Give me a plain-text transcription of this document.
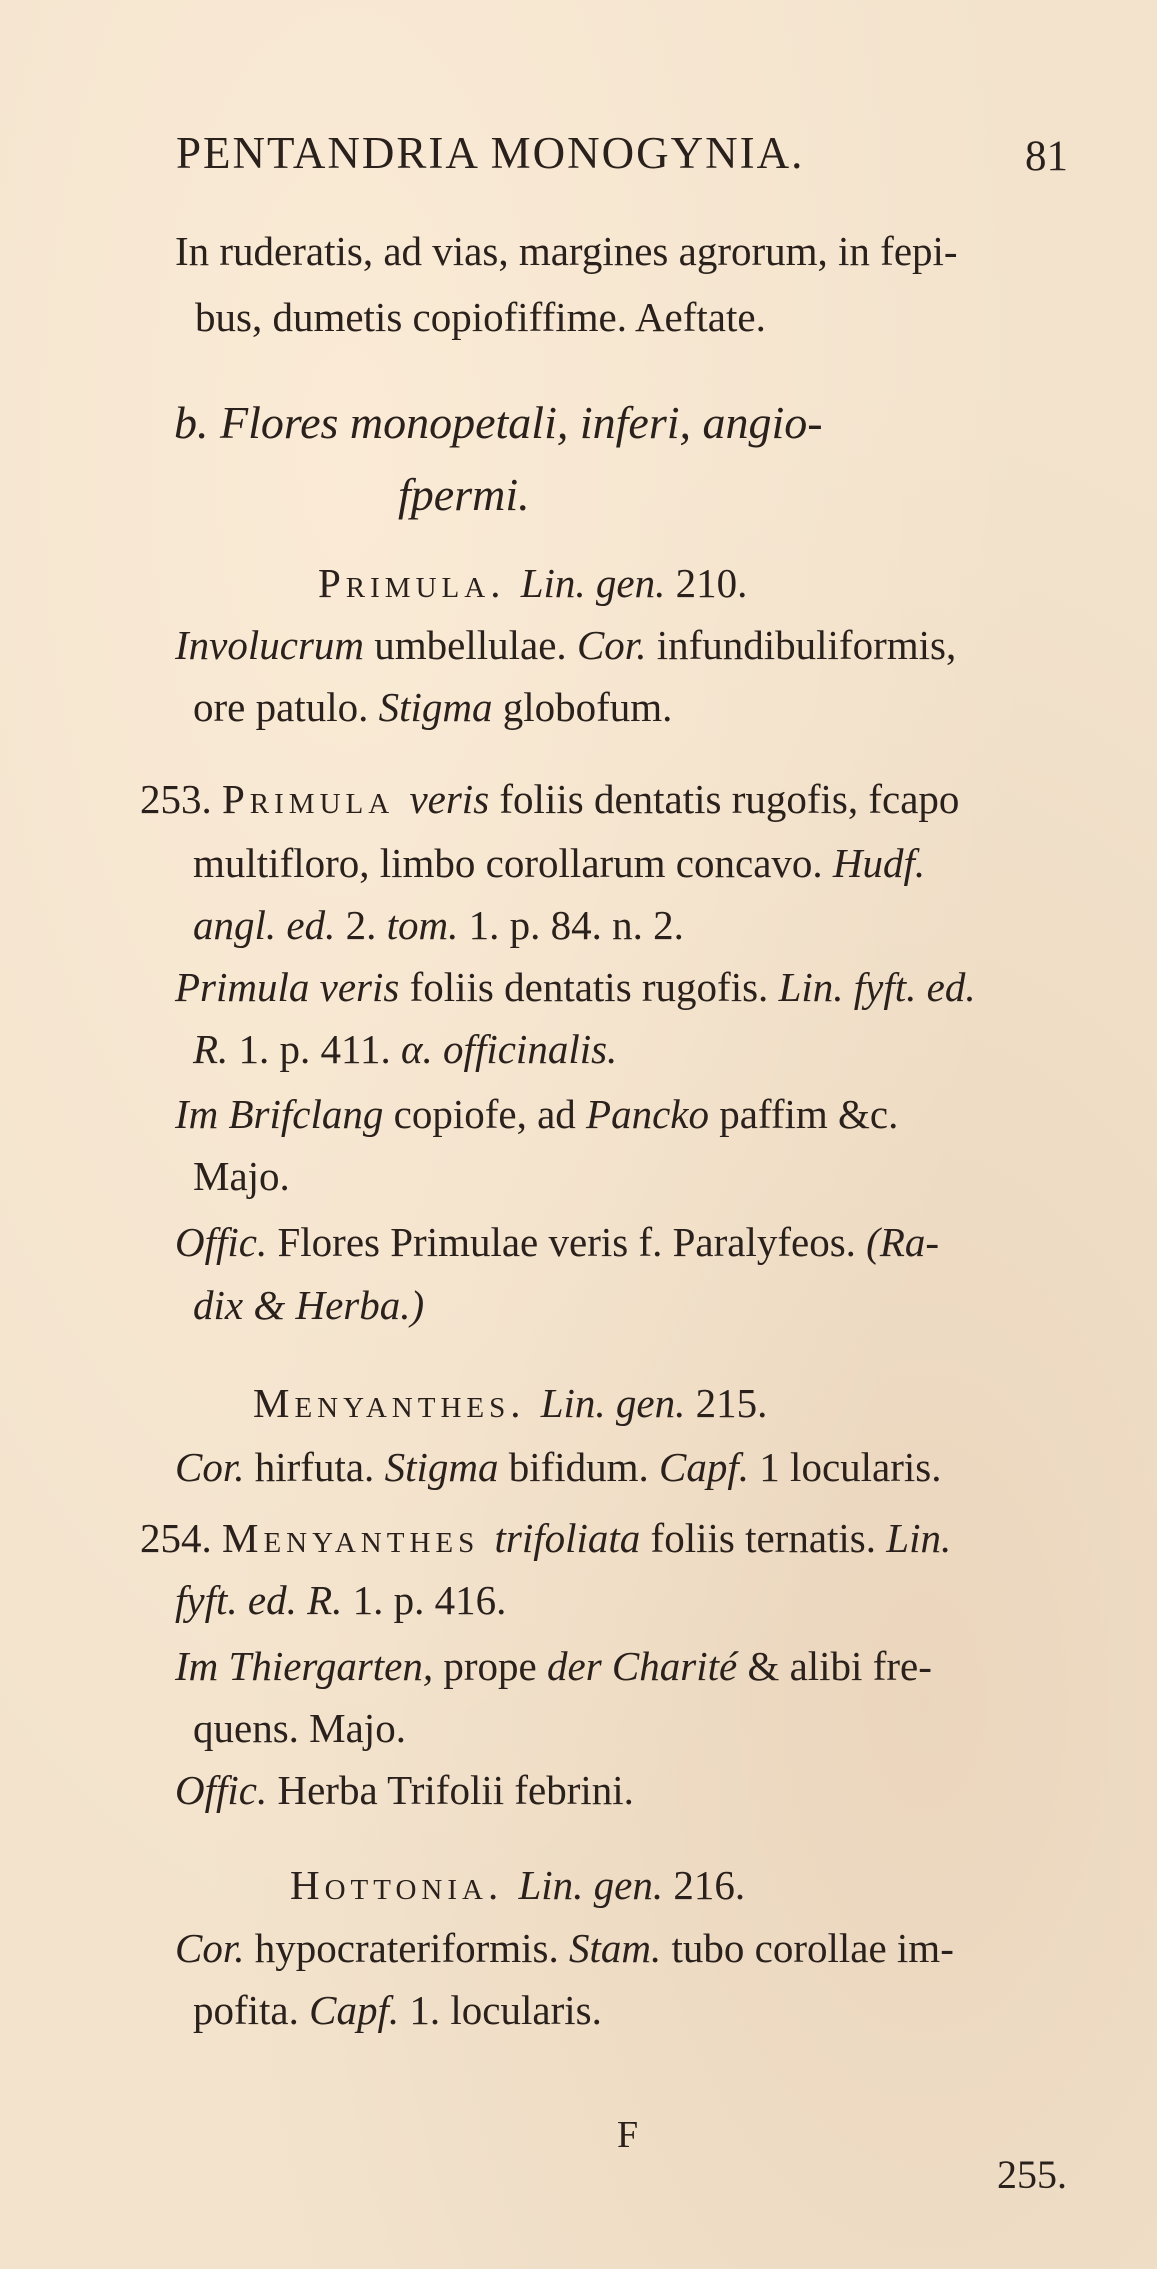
PENTANDRIA MONOGYNIA.	81
In ruderatis, ad vias, margines agrorum, in fepi-
bus, dumetis copiofiffime. Aeftate.
b. Flores monopetali, inferi, angio-
fpermi.
Primula. Lin. gen. 210.
Involucrum umbellulae. Cor. infundibuliformis,
ore patulo. Stigma globofum.
253. Primula veris foliis dentatis rugofis, fcapo
multifloro, limbo corollarum concavo. Hudf.
angl. ed. 2. tom. 1. p. 84. n. 2.
Primula veris foliis dentatis rugofis. Lin. fyft. ed.
R. 1. p. 411. α. officinalis.
Im Brifclang copiofe, ad Pancko paffim &c.
Majo.
Offic. Flores Primulae veris f. Paralyfeos. (Ra-
dix & Herba.)
Menyanthes. Lin. gen. 215.
Cor. hirfuta. Stigma bifidum. Capf. 1 locularis.
254. Menyanthes trifoliata foliis ternatis. Lin.
fyft. ed. R. 1. p. 416.
Im Thiergarten, prope der Charité & alibi fre-
quens. Majo.
Offic. Herba Trifolii febrini.
Hottonia. Lin. gen. 216.
Cor. hypocrateriformis. Stam. tubo corollae im-
pofita. Capf. 1. locularis.
F
255.
